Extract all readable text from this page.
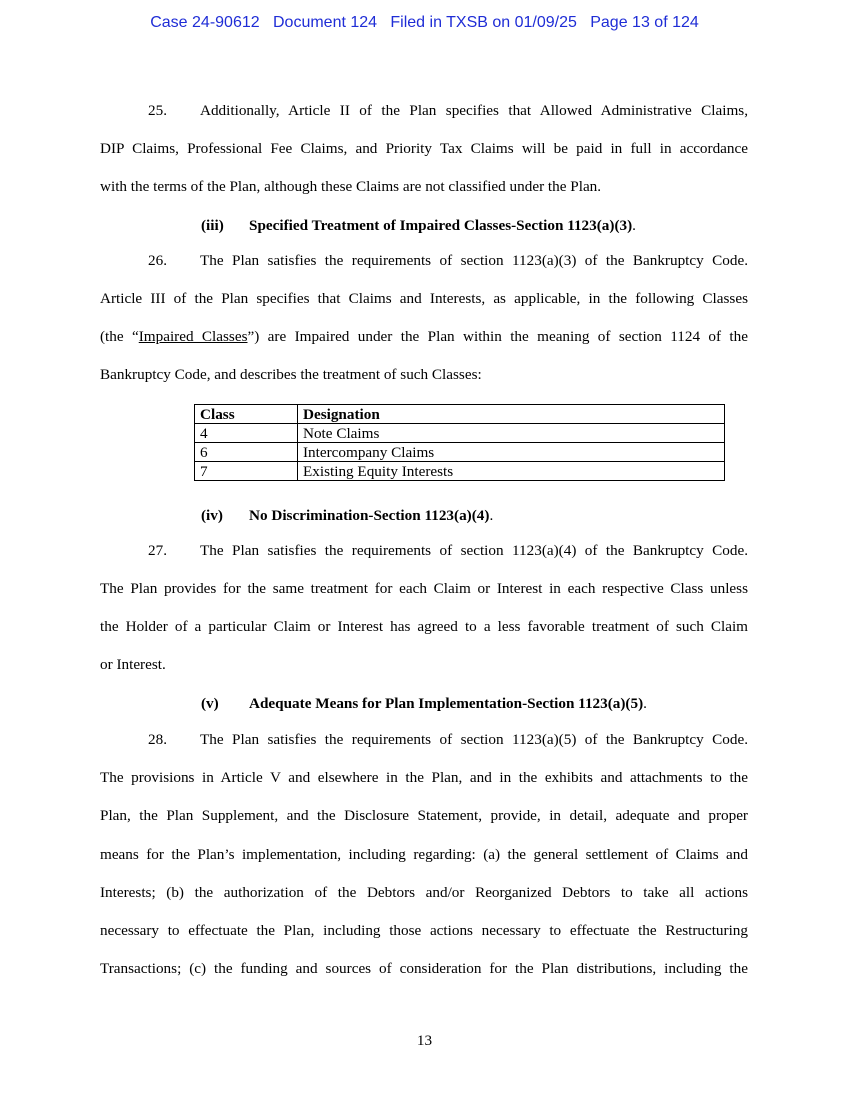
Case 24-90612 Document 124 Filed in TXSB on 01/09/25 Page 13 of 124
25. Additionally, Article II of the Plan specifies that Allowed Administrative Claims,
DIP Claims, Professional Fee Claims, and Priority Tax Claims will be paid in full in accordance
with the terms of the Plan, although these Claims are not classified under the Plan.
(iii) Specified Treatment of Impaired Classes-Section 1123(a)(3).
26. The Plan satisfies the requirements of section 1123(a)(3) of the Bankruptcy Code.
Article III of the Plan specifies that Claims and Interests, as applicable, in the following Classes
(the “Impaired Classes”) are Impaired under the Plan within the meaning of section 1124 of the
Bankruptcy Code, and describes the treatment of such Classes:
Class	Designation
4	Note Claims
6	Intercompany Claims
7	Existing Equity Interests
(iv) No Discrimination-Section 1123(a)(4).
27. The Plan satisfies the requirements of section 1123(a)(4) of the Bankruptcy Code.
The Plan provides for the same treatment for each Claim or Interest in each respective Class unless
the Holder of a particular Claim or Interest has agreed to a less favorable treatment of such Claim
or Interest.
(v) Adequate Means for Plan Implementation-Section 1123(a)(5).
28. The Plan satisfies the requirements of section 1123(a)(5) of the Bankruptcy Code.
The provisions in Article V and elsewhere in the Plan, and in the exhibits and attachments to the
Plan, the Plan Supplement, and the Disclosure Statement, provide, in detail, adequate and proper
means for the Plan’s implementation, including regarding: (a) the general settlement of Claims and
Interests; (b) the authorization of the Debtors and/or Reorganized Debtors to take all actions
necessary to effectuate the Plan, including those actions necessary to effectuate the Restructuring
Transactions; (c) the funding and sources of consideration for the Plan distributions, including the
13
